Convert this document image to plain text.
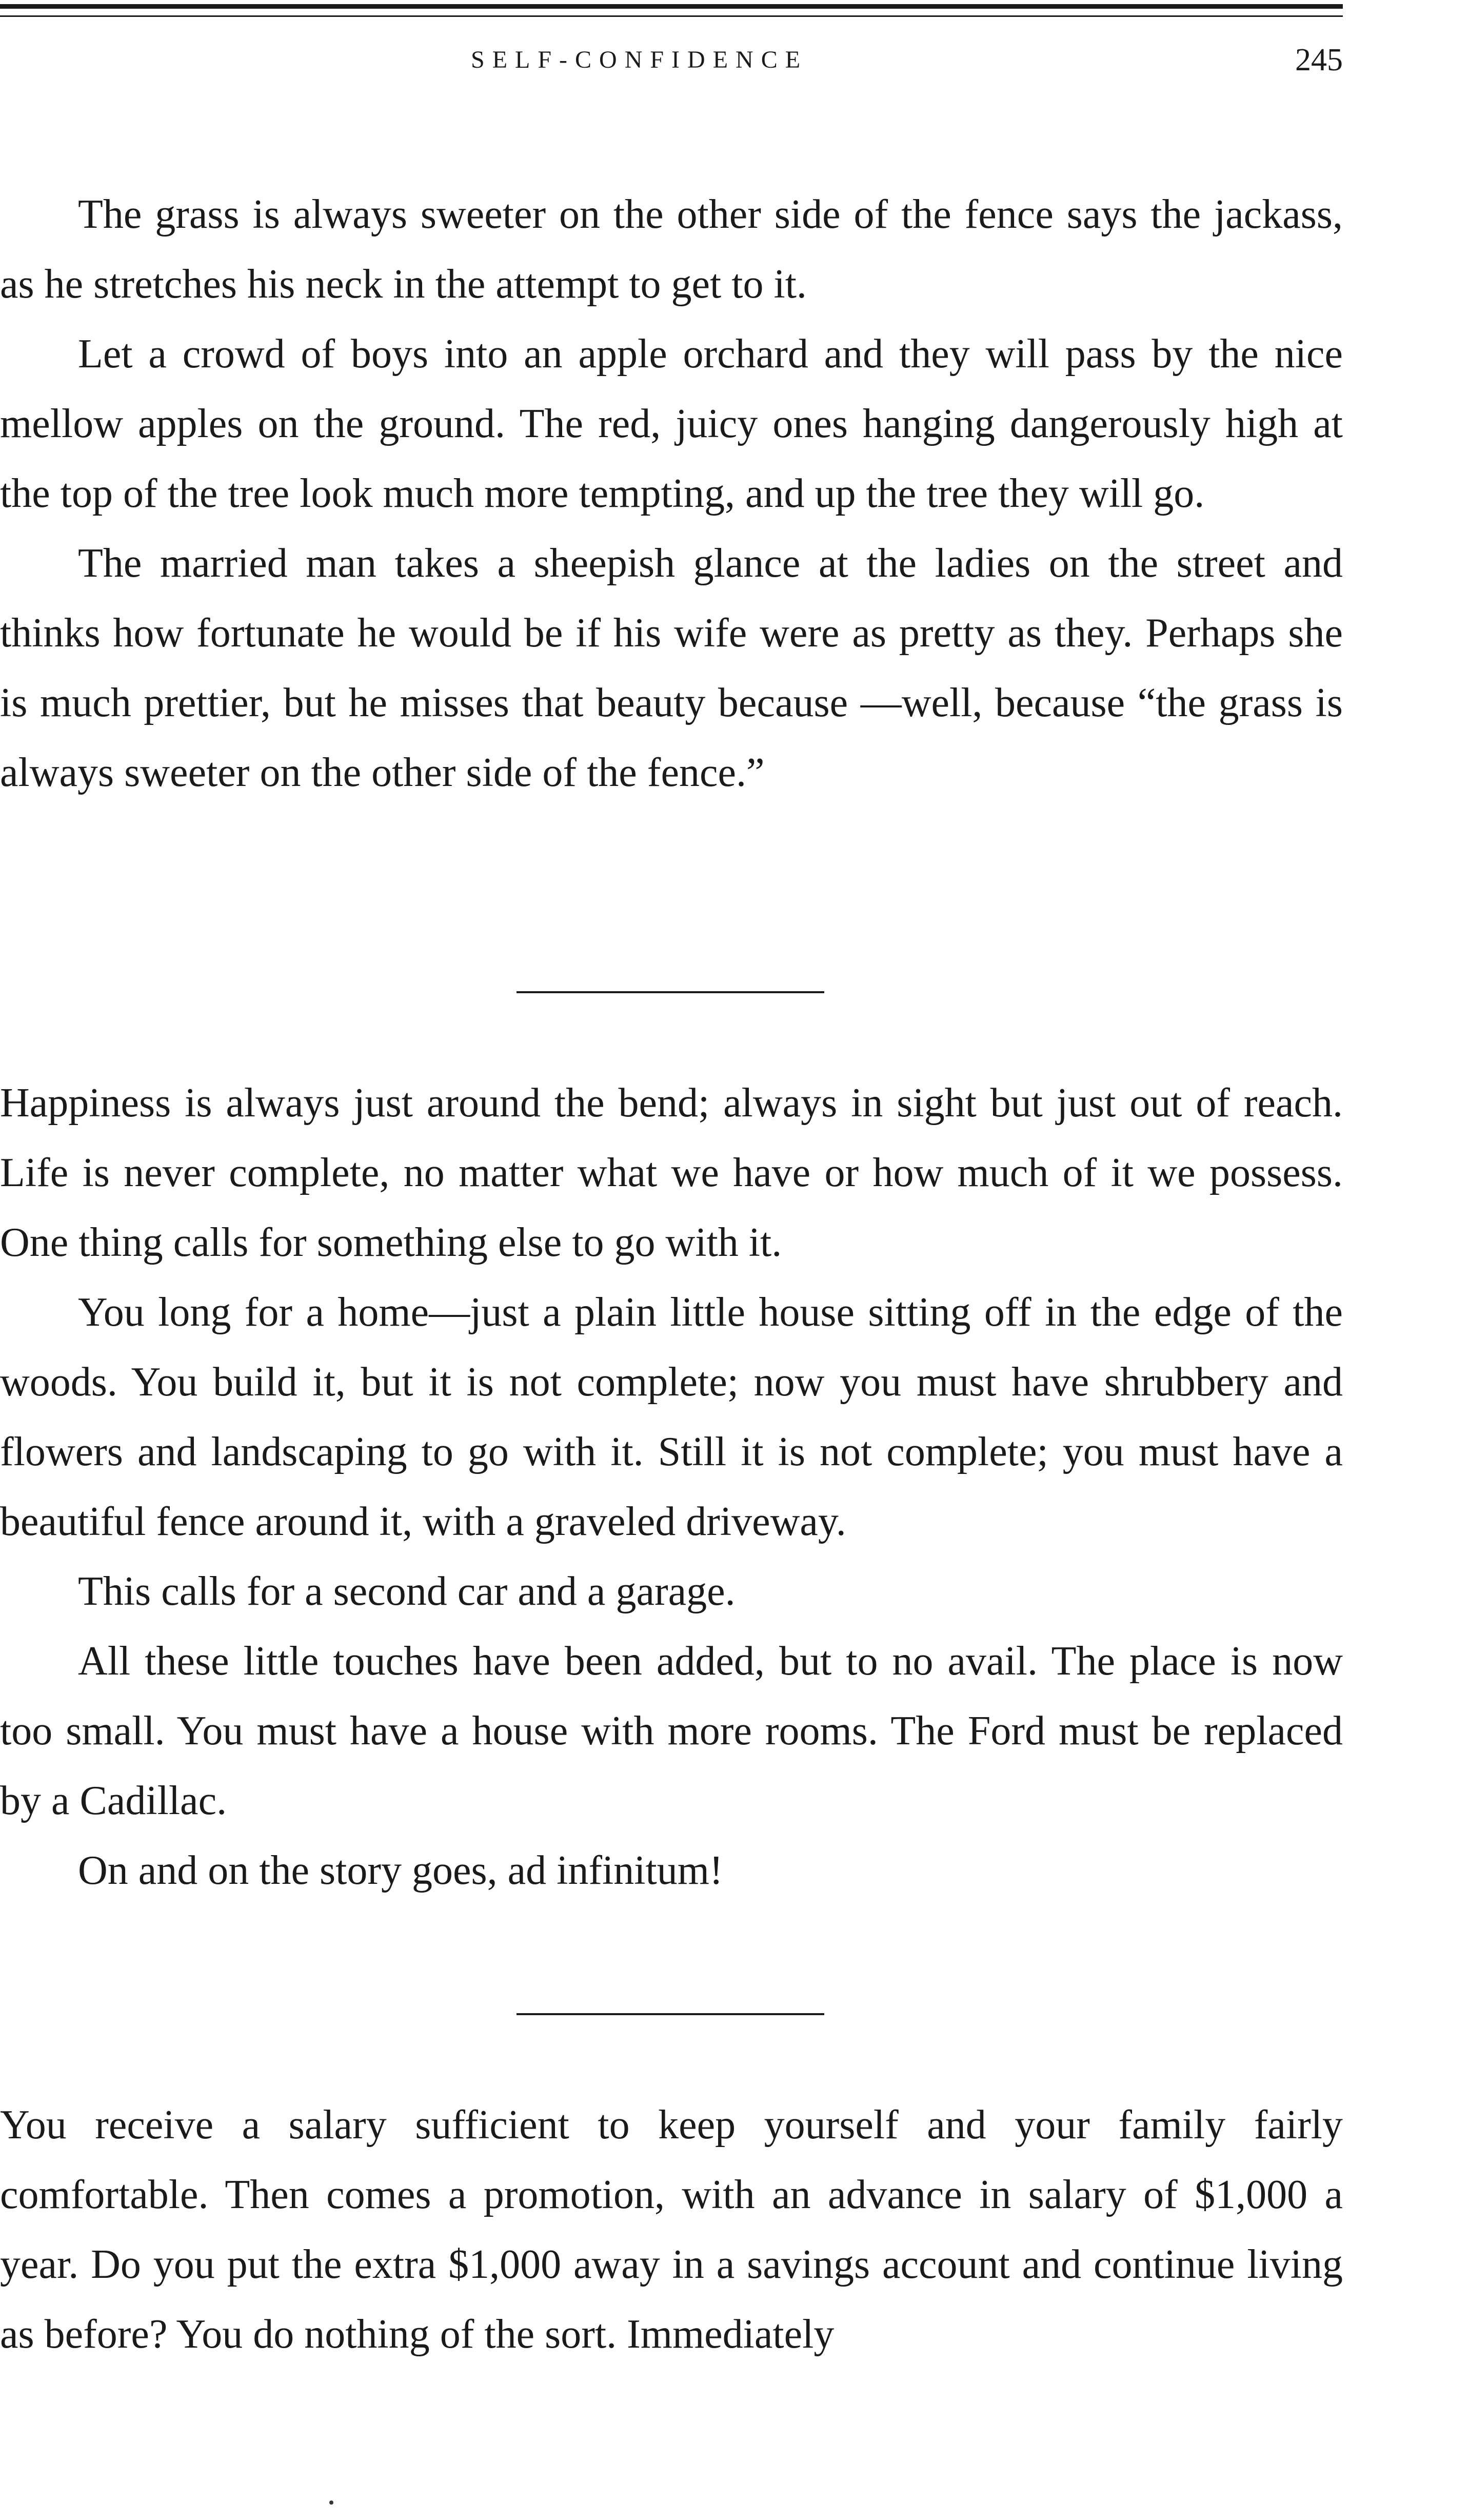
SELF-CONFIDENCE	245

The grass is always sweeter on the other side of the fence says the jackass, as he stretches his neck in the attempt to get to it.

Let a crowd of boys into an apple orchard and they will pass by the nice mellow apples on the ground. The red, juicy ones hanging dangerously high at the top of the tree look much more tempting, and up the tree they will go.

The married man takes a sheepish glance at the ladies on the street and thinks how fortunate he would be if his wife were as pretty as they. Perhaps she is much prettier, but he misses that beauty because —well, because “the grass is always sweeter on the other side of the fence.”

Happiness is always just around the bend; always in sight but just out of reach. Life is never complete, no matter what we have or how much of it we possess. One thing calls for something else to go with it.

You long for a home—just a plain little house sitting off in the edge of the woods. You build it, but it is not complete; now you must have shrubbery and flowers and landscaping to go with it. Still it is not complete; you must have a beautiful fence around it, with a graveled driveway.

This calls for a second car and a garage.

All these little touches have been added, but to no avail. The place is now too small. You must have a house with more rooms. The Ford must be replaced by a Cadillac.

On and on the story goes, ad infinitum!

You receive a salary sufficient to keep yourself and your family fairly comfortable. Then comes a promotion, with an advance in salary of $1,000 a year. Do you put the extra $1,000 away in a savings account and continue living as before? You do nothing of the sort. Immediately
